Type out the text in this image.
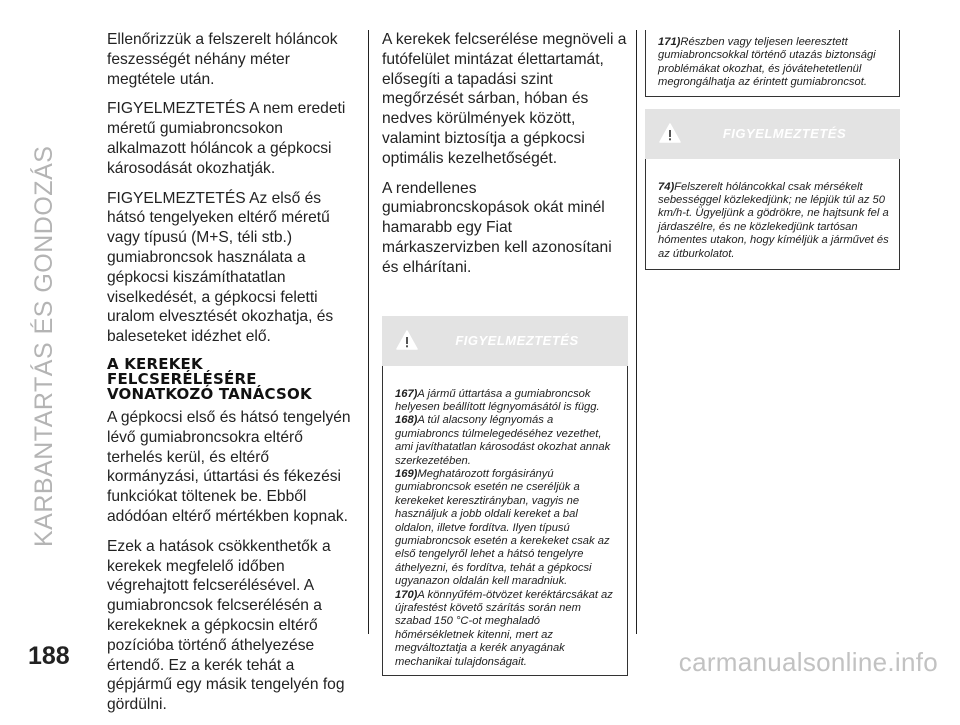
KARBANTARTÁS ÉS GONDOZÁS

Ellenőrizzük a felszerelt hóláncok feszességét néhány méter megtétele után.

FIGYELMEZTETÉS A nem eredeti méretű gumiabroncsokon alkalmazott hóláncok a gépkocsi károsodását okozhatják.

FIGYELMEZTETÉS Az első és hátsó tengelyeken eltérő méretű vagy típusú (M+S, téli stb.) gumiabroncsok használata a gépkocsi kiszámíthatatlan viselkedését, a gépkocsi feletti uralom elvesztését okozhatja, és baleseteket idézhet elő.

A KEREKEK
FELCSERÉLÉSÉRE
VONATKOZÓ TANÁCSOK

A gépkocsi első és hátsó tengelyén lévő gumiabroncsokra eltérő terhelés kerül, és eltérő kormányzási, úttartási és fékezési funkciókat töltenek be. Ebből adódóan eltérő mértékben kopnak.

Ezek a hatások csökkenthetők a kerekek megfelelő időben végrehajtott felcserélésével. A gumiabroncsok felcserélésén a kerekeknek a gépkocsin eltérő pozícióba történő áthelyezése értendő. Ez a kerék tehát a gépjármű egy másik tengelyén fog gördülni.

A kerekek felcserélése megnöveli a futófelület mintázat élettartamát, elősegíti a tapadási szint megőrzését sárban, hóban és nedves körülmények között, valamint biztosítja a gépkocsi optimális kezelhetőségét.

A rendellenes gumiabroncskopások okát minél hamarabb egy Fiat márkaszervizben kell azonosítani és elhárítani.

FIGYELMEZTETÉS

167)A jármű úttartása a gumiabroncsok helyesen beállított légnyomásától is függ.

168)A túl alacsony légnyomás a gumiabroncs túlmelegedéséhez vezethet, ami javíthatatlan károsodást okozhat annak szerkezetében.

169)Meghatározott forgásirányú gumiabroncsok esetén ne cseréljük a kerekeket keresztirányban, vagyis ne használjuk a jobb oldali kereket a bal oldalon, illetve fordítva. Ilyen típusú gumiabroncsok esetén a kerekeket csak az első tengelyről lehet a hátsó tengelyre áthelyezni, és fordítva, tehát a gépkocsi ugyanazon oldalán kell maradniuk.

170)A könnyűfém-ötvözet keréktárcsákat az újrafestést követő szárítás során nem szabad 150 °C-ot meghaladó hőmérsékletnek kitenni, mert az megváltoztatja a kerék anyagának mechanikai tulajdonságait.

171)Részben vagy teljesen leeresztett gumiabroncsokkal történő utazás biztonsági problémákat okozhat, és jóvátehetetlenül megrongálhatja az érintett gumiabroncsot.

FIGYELMEZTETÉS

74)Felszerelt hóláncokkal csak mérsékelt sebességgel közlekedjünk; ne lépjük túl az 50 km/h-t. Ügyeljünk a gödrökre, ne hajtsunk fel a járdaszélre, és ne közlekedjünk tartósan hómentes utakon, hogy kíméljük a járművet és az útburkolatot.

188	carmanualsonline.info
